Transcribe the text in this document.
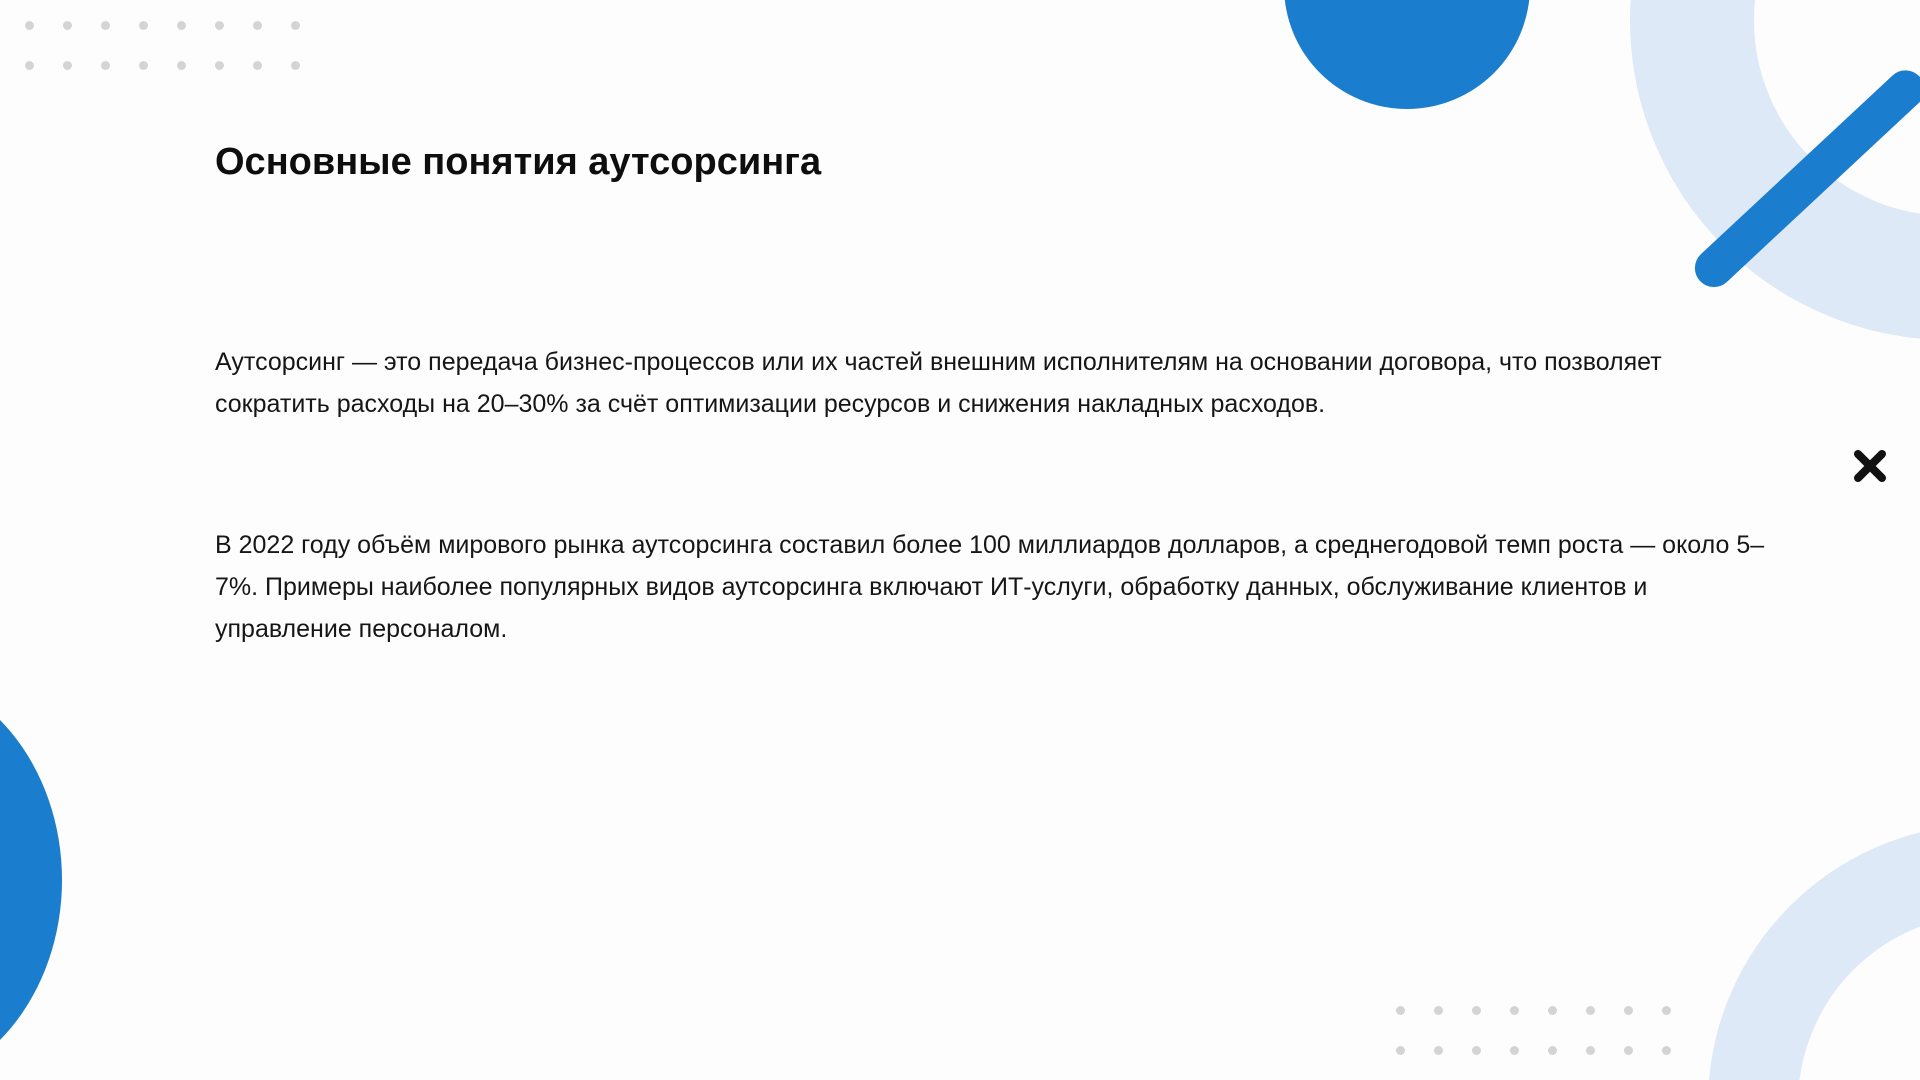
Основные понятия аутсорсинга

Аутсорсинг — это передача бизнес-процессов или их частей внешним исполнителям на основании договора, что позволяет сократить расходы на 20–30% за счёт оптимизации ресурсов и снижения накладных расходов.

В 2022 году объём мирового рынка аутсорсинга составил более 100 миллиардов долларов, а среднегодовой темп роста — около 5–7%. Примеры наиболее популярных видов аутсорсинга включают ИТ-услуги, обработку данных, обслуживание клиентов и управление персоналом.
